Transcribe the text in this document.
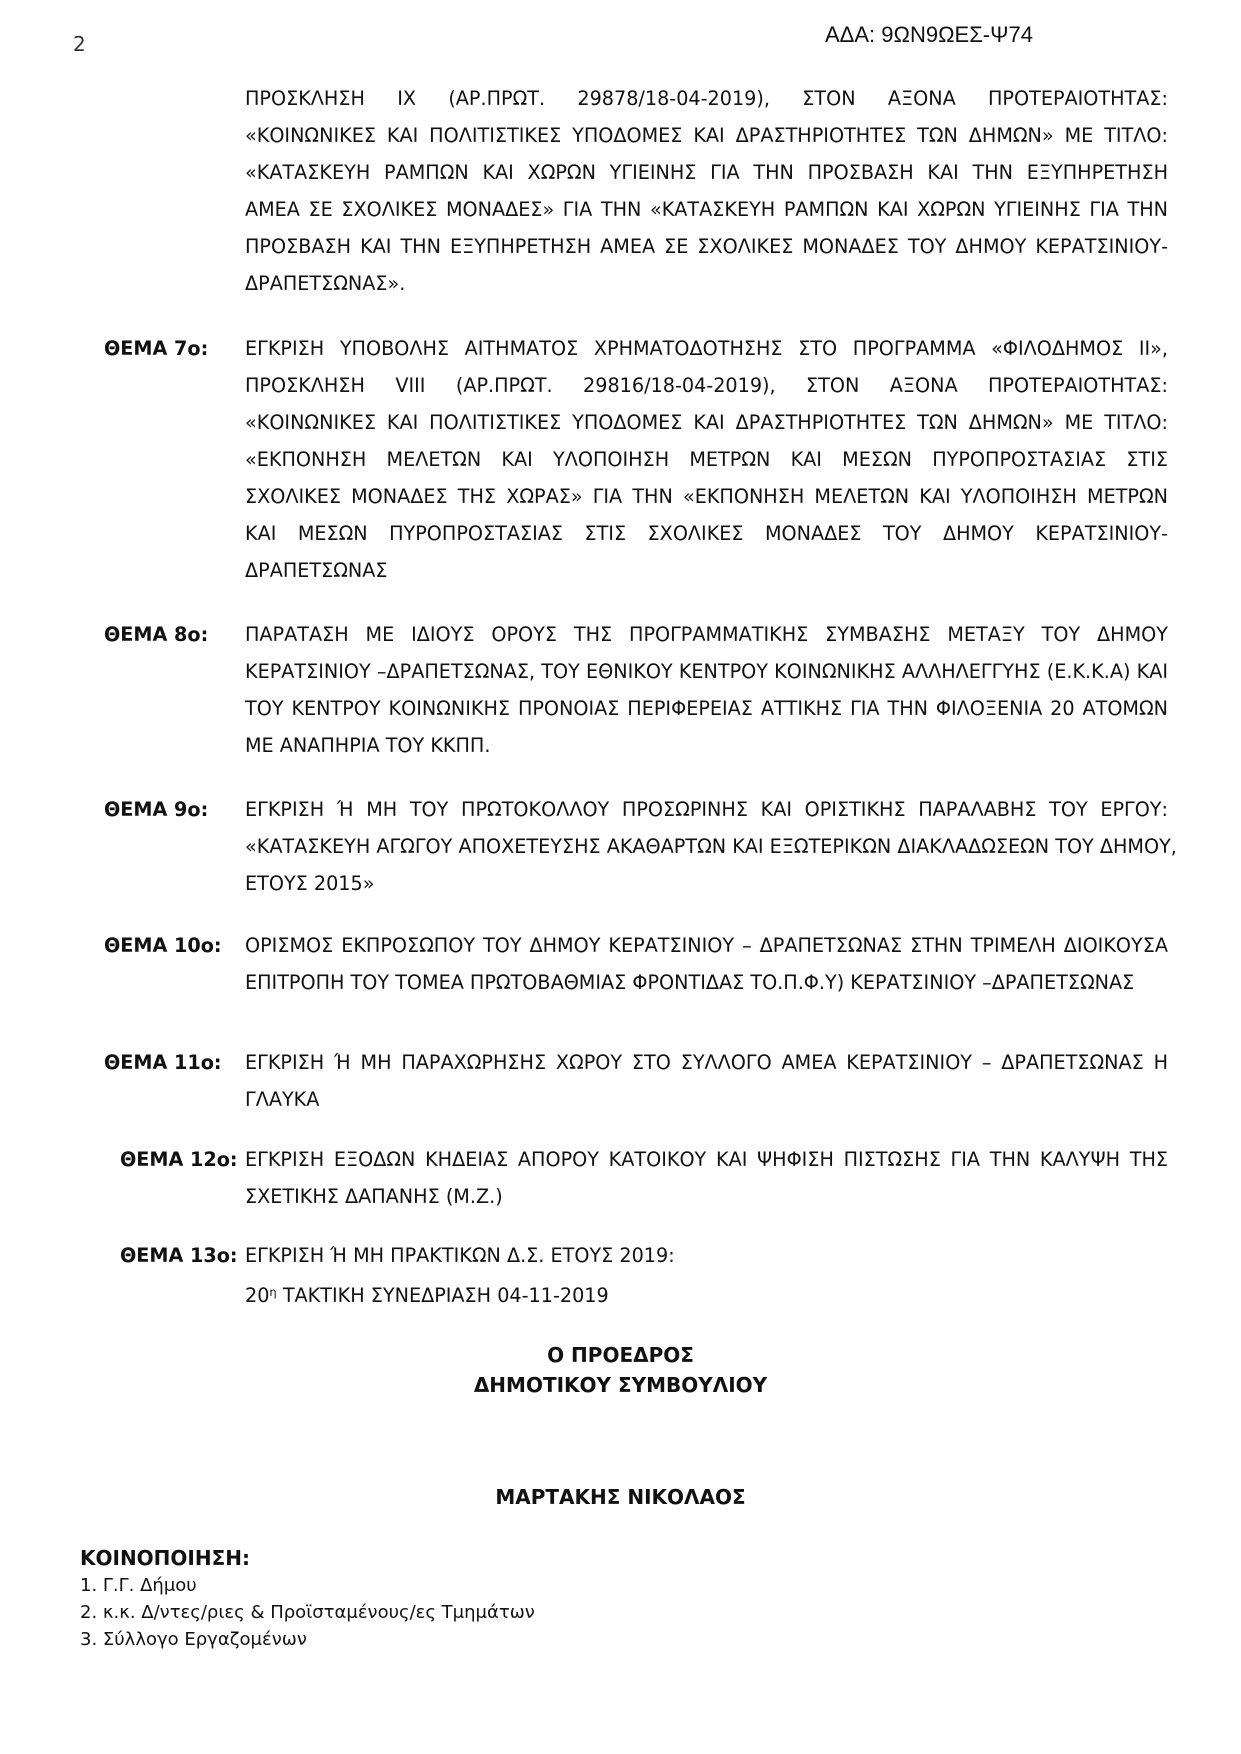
2	ΑΔΑ: 9ΩΝ9ΩΕΣ-Ψ74
ΠΡΟΣΚΛΗΣΗ ΙΧ (ΑΡ.ΠΡΩΤ. 29878/18-04-2019), ΣΤΟΝ ΑΞΟΝΑ ΠΡΟΤΕΡΑΙΟΤΗΤΑΣ:
«ΚΟΙΝΩΝΙΚΕΣ ΚΑΙ ΠΟΛΙΤΙΣΤΙΚΕΣ ΥΠΟΔΟΜΕΣ ΚΑΙ ΔΡΑΣΤΗΡΙΟΤΗΤΕΣ ΤΩΝ ΔΗΜΩΝ» ΜΕ ΤΙΤΛΟ:
«ΚΑΤΑΣΚΕΥΗ ΡΑΜΠΩΝ ΚΑΙ ΧΩΡΩΝ ΥΓΙΕΙΝΗΣ ΓΙΑ ΤΗΝ ΠΡΟΣΒΑΣΗ ΚΑΙ ΤΗΝ ΕΞΥΠΗΡΕΤΗΣΗ
ΑΜΕΑ ΣΕ ΣΧΟΛΙΚΕΣ ΜΟΝΑΔΕΣ» ΓΙΑ ΤΗΝ «ΚΑΤΑΣΚΕΥΗ ΡΑΜΠΩΝ ΚΑΙ ΧΩΡΩΝ ΥΓΙΕΙΝΗΣ ΓΙΑ ΤΗΝ
ΠΡΟΣΒΑΣΗ ΚΑΙ ΤΗΝ ΕΞΥΠΗΡΕΤΗΣΗ ΑΜΕΑ ΣΕ ΣΧΟΛΙΚΕΣ ΜΟΝΑΔΕΣ ΤΟΥ ΔΗΜΟΥ ΚΕΡΑΤΣΙΝΙΟΥ-
ΔΡΑΠΕΤΣΩΝΑΣ».
ΘΕΜΑ 7ο: ΕΓΚΡΙΣΗ ΥΠΟΒΟΛΗΣ ΑΙΤΗΜΑΤΟΣ ΧΡΗΜΑΤΟΔΟΤΗΣΗΣ ΣΤΟ ΠΡΟΓΡΑΜΜΑ «ΦΙΛΟΔΗΜΟΣ ΙΙ»,
ΠΡΟΣΚΛΗΣΗ VIII (ΑΡ.ΠΡΩΤ. 29816/18-04-2019), ΣΤΟΝ ΑΞΟΝΑ ΠΡΟΤΕΡΑΙΟΤΗΤΑΣ:
«ΚΟΙΝΩΝΙΚΕΣ ΚΑΙ ΠΟΛΙΤΙΣΤΙΚΕΣ ΥΠΟΔΟΜΕΣ ΚΑΙ ΔΡΑΣΤΗΡΙΟΤΗΤΕΣ ΤΩΝ ΔΗΜΩΝ» ΜΕ ΤΙΤΛΟ:
«ΕΚΠΟΝΗΣΗ ΜΕΛΕΤΩΝ ΚΑΙ ΥΛΟΠΟΙΗΣΗ ΜΕΤΡΩΝ ΚΑΙ ΜΕΣΩΝ ΠΥΡΟΠΡΟΣΤΑΣΙΑΣ ΣΤΙΣ
ΣΧΟΛΙΚΕΣ ΜΟΝΑΔΕΣ ΤΗΣ ΧΩΡΑΣ» ΓΙΑ ΤΗΝ «ΕΚΠΟΝΗΣΗ ΜΕΛΕΤΩΝ ΚΑΙ ΥΛΟΠΟΙΗΣΗ ΜΕΤΡΩΝ
ΚΑΙ ΜΕΣΩΝ ΠΥΡΟΠΡΟΣΤΑΣΙΑΣ ΣΤΙΣ ΣΧΟΛΙΚΕΣ ΜΟΝΑΔΕΣ ΤΟΥ ΔΗΜΟΥ ΚΕΡΑΤΣΙΝΙΟΥ-
ΔΡΑΠΕΤΣΩΝΑΣ
ΘΕΜΑ 8ο: ΠΑΡΑΤΑΣΗ ΜΕ ΙΔΙΟΥΣ ΟΡΟΥΣ ΤΗΣ ΠΡΟΓΡΑΜΜΑΤΙΚΗΣ ΣΥΜΒΑΣΗΣ ΜΕΤΑΞΥ ΤΟΥ ΔΗΜΟΥ
ΚΕΡΑΤΣΙΝΙΟΥ –ΔΡΑΠΕΤΣΩΝΑΣ, ΤΟΥ ΕΘΝΙΚΟΥ ΚΕΝΤΡΟΥ ΚΟΙΝΩΝΙΚΗΣ ΑΛΛΗΛΕΓΓΥΗΣ (Ε.Κ.Κ.Α) ΚΑΙ
ΤΟΥ ΚΕΝΤΡΟΥ ΚΟΙΝΩΝΙΚΗΣ ΠΡΟΝΟΙΑΣ ΠΕΡΙΦΕΡΕΙΑΣ ΑΤΤΙΚΗΣ ΓΙΑ ΤΗΝ ΦΙΛΟΞΕΝΙΑ 20 ΑΤΟΜΩΝ
ΜΕ ΑΝΑΠΗΡΙΑ ΤΟΥ ΚΚΠΠ.
ΘΕΜΑ 9ο: ΕΓΚΡΙΣΗ Ή ΜΗ ΤΟΥ ΠΡΩΤΟΚΟΛΛΟΥ ΠΡΟΣΩΡΙΝΗΣ ΚΑΙ ΟΡΙΣΤΙΚΗΣ ΠΑΡΑΛΑΒΗΣ ΤΟΥ ΕΡΓΟΥ:
«ΚΑΤΑΣΚΕΥΗ ΑΓΩΓΟΥ ΑΠΟΧΕΤΕΥΣΗΣ ΑΚΑΘΑΡΤΩΝ ΚΑΙ ΕΞΩΤΕΡΙΚΩΝ ΔΙΑΚΛΑΔΩΣΕΩΝ ΤΟΥ ΔΗΜΟΥ,
ΕΤΟΥΣ 2015»
ΘΕΜΑ 10ο: ΟΡΙΣΜΟΣ ΕΚΠΡΟΣΩΠΟΥ ΤΟΥ ΔΗΜΟΥ ΚΕΡΑΤΣΙΝΙΟΥ – ΔΡΑΠΕΤΣΩΝΑΣ ΣΤΗΝ ΤΡΙΜΕΛΗ ΔΙΟΙΚΟΥΣΑ
ΕΠΙΤΡΟΠΗ ΤΟΥ ΤΟΜΕΑ ΠΡΩΤΟΒΑΘΜΙΑΣ ΦΡΟΝΤΙΔΑΣ ΤΟ.Π.Φ.Υ) ΚΕΡΑΤΣΙΝΙΟΥ –ΔΡΑΠΕΤΣΩΝΑΣ
ΘΕΜΑ 11ο: ΕΓΚΡΙΣΗ Ή ΜΗ ΠΑΡΑΧΩΡΗΣΗΣ ΧΩΡΟΥ ΣΤΟ ΣΥΛΛΟΓΟ ΑΜΕΑ ΚΕΡΑΤΣΙΝΙΟΥ – ΔΡΑΠΕΤΣΩΝΑΣ Η
ΓΛΑΥΚΑ
ΘΕΜΑ 12ο: ΕΓΚΡΙΣΗ ΕΞΟΔΩΝ ΚΗΔΕΙΑΣ ΑΠΟΡΟΥ ΚΑΤΟΙΚΟΥ ΚΑΙ ΨΗΦΙΣΗ ΠΙΣΤΩΣΗΣ ΓΙΑ ΤΗΝ ΚΑΛΥΨΗ ΤΗΣ
ΣΧΕΤΙΚΗΣ ΔΑΠΑΝΗΣ (Μ.Ζ.)
ΘΕΜΑ 13ο: ΕΓΚΡΙΣΗ Ή ΜΗ ΠΡΑΚΤΙΚΩΝ Δ.Σ. ΕΤΟΥΣ 2019:
$20^\eta$ ΤΑΚΤΙΚΗ ΣΥΝΕΔΡΙΑΣΗ 04-11-2019
Ο ΠΡΟΕΔΡΟΣ
ΔΗΜΟΤΙΚΟΥ ΣΥΜΒΟΥΛΙΟΥ
ΜΑΡΤΑΚΗΣ ΝΙΚΟΛΑΟΣ
ΚΟΙΝΟΠΟΙΗΣΗ:
1. Γ.Γ. Δήμου
2. κ.κ. Δ/ντες/ριες & Προϊσταμένους/ες Τμημάτων
3. Σύλλογο Εργαζομένων
